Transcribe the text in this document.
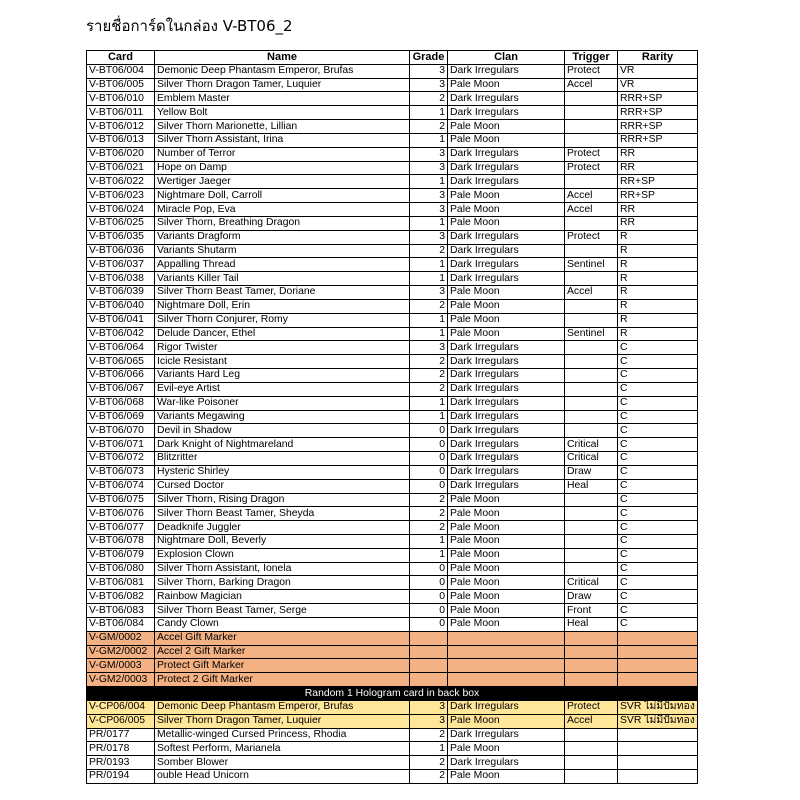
รายชื่อการ์ดในกล่อง V-BT06_2
Card	Name	Grade	Clan	Trigger	Rarity
V-BT06/004	Demonic Deep Phantasm Emperor, Brufas	3	Dark Irregulars	Protect	VR
V-BT06/005	Silver Thorn Dragon Tamer, Luquier	3	Pale Moon	Accel	VR
V-BT06/010	Emblem Master	2	Dark Irregulars		RRR+SP
V-BT06/011	Yellow Bolt	1	Dark Irregulars		RRR+SP
V-BT06/012	Silver Thorn Marionette, Lillian	2	Pale Moon		RRR+SP
V-BT06/013	Silver Thorn Assistant, Irina	1	Pale Moon		RRR+SP
V-BT06/020	Number of Terror	3	Dark Irregulars	Protect	RR
V-BT06/021	Hope on Damp	3	Dark Irregulars	Protect	RR
V-BT06/022	Wertiger Jaeger	1	Dark Irregulars		RR+SP
V-BT06/023	Nightmare Doll, Carroll	3	Pale Moon	Accel	RR+SP
V-BT06/024	Miracle Pop, Eva	3	Pale Moon	Accel	RR
V-BT06/025	Silver Thorn, Breathing Dragon	1	Pale Moon		RR
V-BT06/035	Variants Dragform	3	Dark Irregulars	Protect	R
V-BT06/036	Variants Shutarm	2	Dark Irregulars		R
V-BT06/037	Appalling Thread	1	Dark Irregulars	Sentinel	R
V-BT06/038	Variants Killer Tail	1	Dark Irregulars		R
V-BT06/039	Silver Thorn Beast Tamer, Doriane	3	Pale Moon	Accel	R
V-BT06/040	Nightmare Doll, Erin	2	Pale Moon		R
V-BT06/041	Silver Thorn Conjurer, Romy	1	Pale Moon		R
V-BT06/042	Delude Dancer, Ethel	1	Pale Moon	Sentinel	R
V-BT06/064	Rigor Twister	3	Dark Irregulars		C
V-BT06/065	Icicle Resistant	2	Dark Irregulars		C
V-BT06/066	Variants Hard Leg	2	Dark Irregulars		C
V-BT06/067	Evil-eye Artist	2	Dark Irregulars		C
V-BT06/068	War-like Poisoner	1	Dark Irregulars		C
V-BT06/069	Variants Megawing	1	Dark Irregulars		C
V-BT06/070	Devil in Shadow	0	Dark Irregulars		C
V-BT06/071	Dark Knight of Nightmareland	0	Dark Irregulars	Critical	C
V-BT06/072	Blitzritter	0	Dark Irregulars	Critical	C
V-BT06/073	Hysteric Shirley	0	Dark Irregulars	Draw	C
V-BT06/074	Cursed Doctor	0	Dark Irregulars	Heal	C
V-BT06/075	Silver Thorn, Rising Dragon	2	Pale Moon		C
V-BT06/076	Silver Thorn Beast Tamer, Sheyda	2	Pale Moon		C
V-BT06/077	Deadknife Juggler	2	Pale Moon		C
V-BT06/078	Nightmare Doll, Beverly	1	Pale Moon		C
V-BT06/079	Explosion Clown	1	Pale Moon		C
V-BT06/080	Silver Thorn Assistant, Ionela	0	Pale Moon		C
V-BT06/081	Silver Thorn, Barking Dragon	0	Pale Moon	Critical	C
V-BT06/082	Rainbow Magician	0	Pale Moon	Draw	C
V-BT06/083	Silver Thorn Beast Tamer, Serge	0	Pale Moon	Front	C
V-BT06/084	Candy Clown	0	Pale Moon	Heal	C
V-GM/0002	Accel Gift Marker				
V-GM2/0002	Accel 2 Gift Marker				
V-GM/0003	Protect Gift Marker				
V-GM2/0003	Protect 2 Gift Marker				
Random 1 Hologram card in back box					
V-CP06/004	Demonic Deep Phantasm Emperor, Brufas	3	Dark Irregulars	Protect	SVR ไม่มีปั๊มทอง
V-CP06/005	Silver Thorn Dragon Tamer, Luquier	3	Pale Moon	Accel	SVR ไม่มีปั๊มทอง
PR/0177	Metallic-winged Cursed Princess, Rhodia	2	Dark Irregulars		
PR/0178	Softest Perform, Marianela	1	Pale Moon		
PR/0193	Somber Blower	2	Dark Irregulars		
PR/0194	ouble Head Unicorn	2	Pale Moon		
